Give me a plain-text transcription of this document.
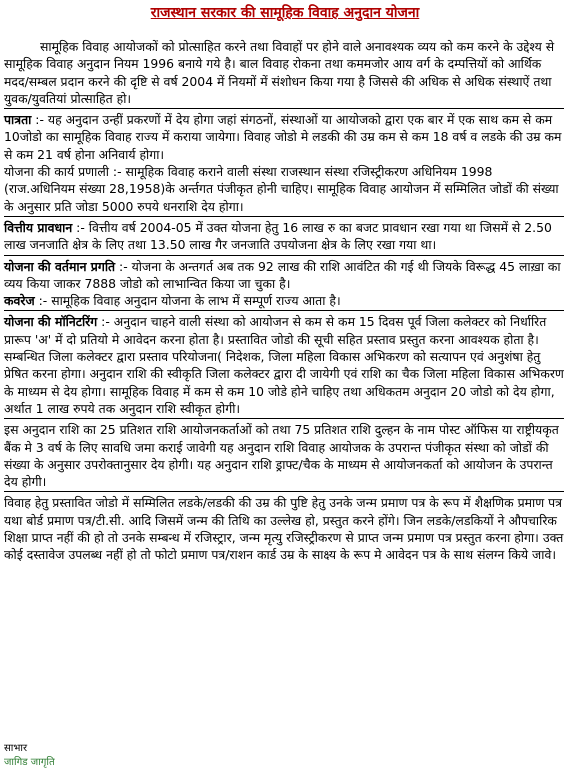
राजस्थान सरकार की सामूहिक विवाह अनुदान योजना

सामूहिक विवाह आयोजकों को प्रोत्साहित करने तथा विवाहों पर होने वाले अनावश्यक व्यय को कम करने के उद्देश्य से सामूहिक विवाह अनुदान नियम 1996 बनाये गये है। बाल विवाह रोकना तथा कममजोर आय वर्ग के दम्पत्तियों को आर्थिक मदद/सम्बल प्रदान करने की दृष्टि से वर्ष 2004 में नियमों में संशोधन किया गया है जिससे की अधिक से अधिक संस्थाऐं तथा युवक/युवतियां प्रोत्साहित हो।

पात्रता :- यह अनुदान उन्हीं प्रकरणों में देय होगा जहां संगठनों, संस्थाओं या आयोजको द्वारा एक बार में एक साथ कम से कम 10जोडो का सामूहिक विवाह राज्य में कराया जायेगा। विवाह जोडो मे लडकी की उम्र कम से कम 18 वर्ष व लडके की उम्र कम से कम 21 वर्ष होना अनिवार्य होगा।

योजना की कार्य प्रणाली :- सामूहिक विवाह कराने वाली संस्था राजस्थान संस्था रजिस्ट्रीकरण अधिनियम 1998 (राज.अधिनियम संख्या 28,1958)के अर्न्तगत पंजीकृत होनी चाहिए। सामूहिक विवाह आयोजन में सम्मिलित जोडों की संख्या के अनुसार प्रति जोडा 5000 रुपये धनराशि देय होगा।

वित्तीय प्रावधान :- वित्तीय वर्ष 2004-05 में उक्त योजना हेतु 16 लाख रु का बजट प्रावधान रखा गया था जिसमें से 2.50 लाख जनजाति क्षेत्र के लिए तथा 13.50 लाख गैर जनजाति उपयोजना क्षेत्र के लिए रखा गया था।

योजना की वर्तमान प्रगति :- योजना के अन्तगर्त अब तक 92 लाख की राशि आवंटित की गई थी जियके विरूद्ध 45 लाख़ा का व्यय किया जाकर 7888 जोडो को लाभान्वित किया जा चुका है।

कवरेज :- सामूहिक विवाह अनुदान योजना के लाभ में सम्पूर्ण राज्य आता है।

योजना की मॉनिटरिंग :- अनुदान चाहने वाली संस्था को आयोजन से कम से कम 15 दिवस पूर्व जिला कलेक्टर को निर्धारित प्रारूप 'अ' में दो प्रतियो मे आवेदन करना होता है। प्रस्तावित जोडो की सूची सहित प्रस्ताव प्रस्तुत करना आवश्यक होता है। सम्बन्धित जिला कलेक्टर द्वारा प्रस्ताव परियोजना( निदेशक, जिला महिला विकास अभिकरण को सत्यापन एवं अनुशंषा हेतु प्रेषित करना होगा। अनुदान राशि की स्वीकृति जिला कलेक्टर द्वारा दी जायेगी एवं राशि का चैक जिला महिला विकास अभिकरण के माध्यम से देय होगा। सामूहिक विवाह में कम से कम 10 जोडे होने चाहिए तथा अधिकतम अनुदान 20 जोडो को देय होगा, अर्थात 1 लाख रुपये तक अनुदान राशि स्वीकृत होगी।

इस अनुदान राशि का 25 प्रतिशत राशि आयोजनकर्ताओं को तथा 75 प्रतिशत राशि दुल्हन के नाम पोस्ट ऑफिस या राष्ट्रीयकृत बैंक मे 3 वर्ष के लिए सावधि जमा कराई जावेगी यह अनुदान राशि विवाह आयोजक के उपरान्त पंजीकृत संस्था को जोडों की संख्या के अनुसार उपरोक्तानुसार देय होगी। यह अनुदान राशि ड्राफ्ट/चैक के माध्यम से आयोजनकर्ता को आयोजन के उपरान्त देय होगी।

विवाह हेतु प्रस्तावित जोडो में सम्मिलित लडके/लडकी की उम्र की पुष्टि हेतु उनके जन्म प्रमाण पत्र के रूप में शैक्षणिक प्रमाण पत्र यथा बोर्ड प्रमाण पत्र/टी.सी. आदि जिसमें जन्म की तिथि का उल्लेख हो, प्रस्तुत करने होंगे। जिन लडके/लडकियों ने औपचारिक शिक्षा प्राप्त नहीं की हो तो उनके सम्बन्ध में रजिस्ट्रार, जन्म मृत्यु रजिस्ट्रीकरण से प्राप्त जन्म प्रमाण पत्र प्रस्तुत करना होगा। उक्त कोई दस्तावेज उपलब्ध नहीं हो तो फोटो प्रमाण पत्र/राशन कार्ड उम्र के साक्ष्य के रूप मे आवेदन पत्र के साथ संलग्न किये जावे।

साभार
जागिड जागृति
